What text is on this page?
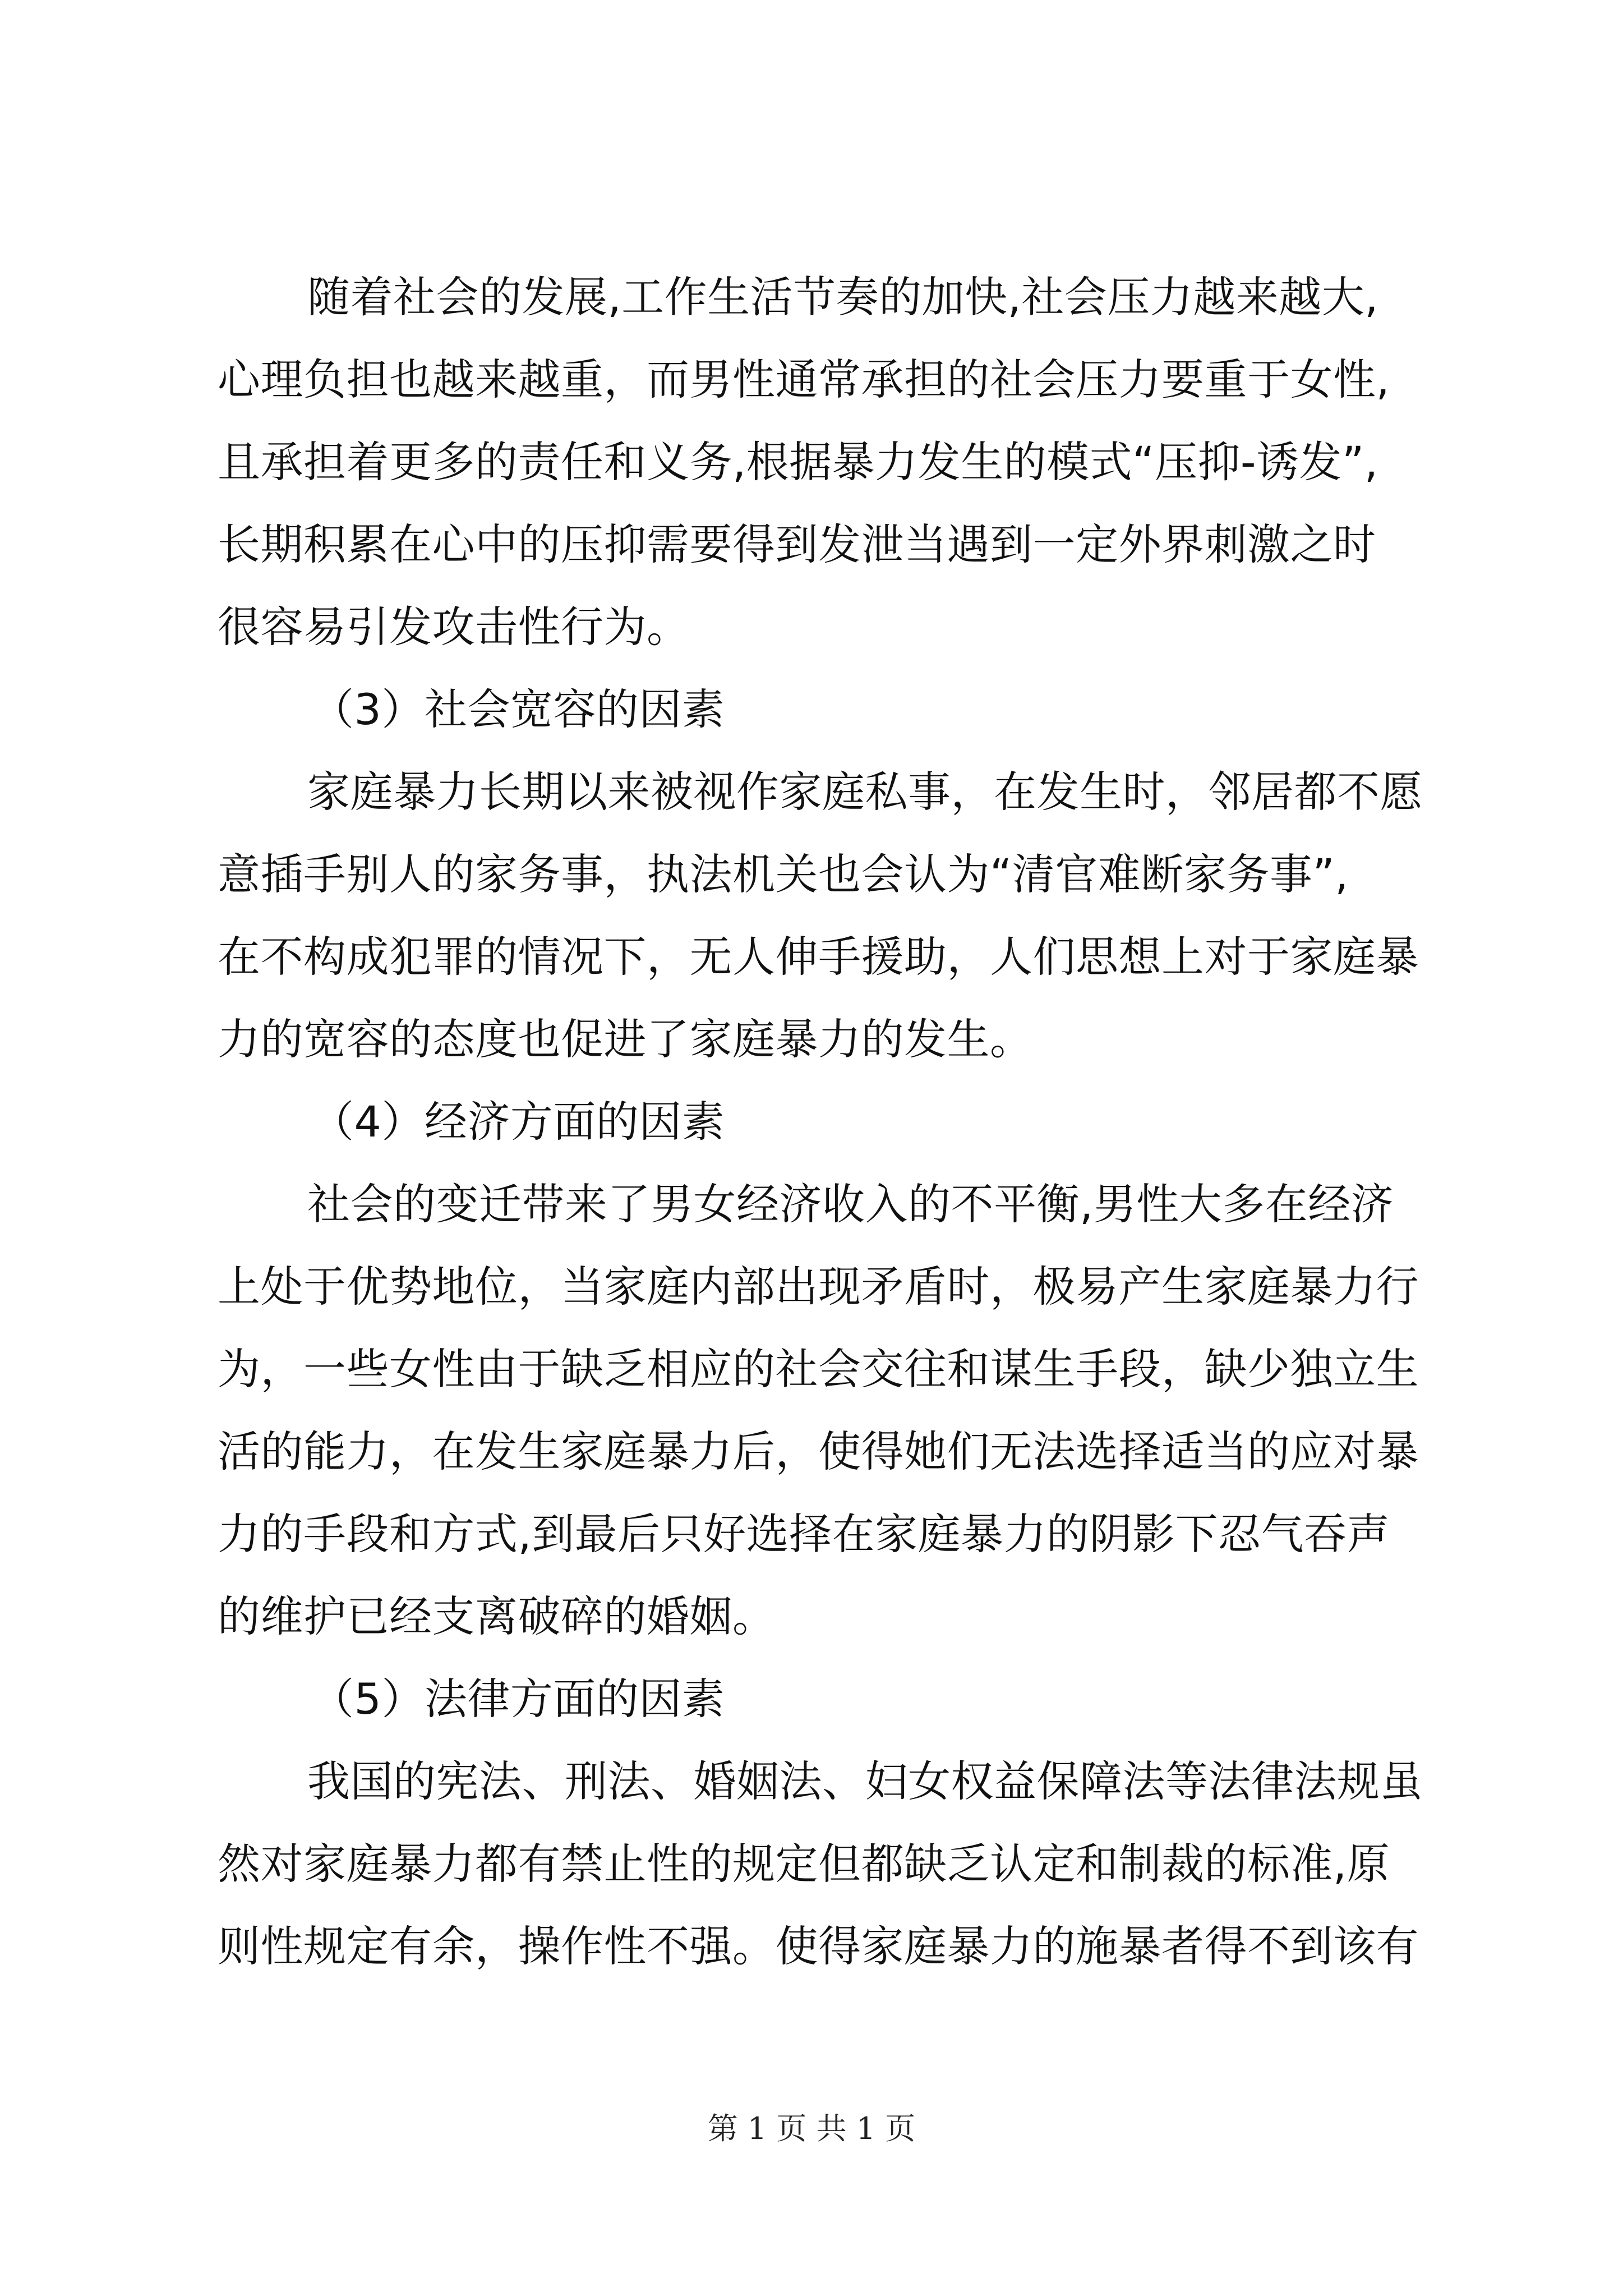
随着社会的发展,工作生活节奏的加快,社会压力越来越大,
心理负担也越来越重，而男性通常承担的社会压力要重于女性,
且承担着更多的责任和义务,根据暴力发生的模式“压抑-诱发”,
长期积累在心中的压抑需要得到发泄当遇到一定外界刺激之时
很容易引发攻击性行为。
（3）社会宽容的因素
家庭暴力长期以来被视作家庭私事，在发生时，邻居都不愿
意插手别人的家务事，执法机关也会认为“清官难断家务事”,
在不构成犯罪的情况下，无人伸手援助，人们思想上对于家庭暴
力的宽容的态度也促进了家庭暴力的发生。
（4）经济方面的因素
社会的变迁带来了男女经济收入的不平衡,男性大多在经济
上处于优势地位，当家庭内部出现矛盾时，极易产生家庭暴力行
为，一些女性由于缺乏相应的社会交往和谋生手段，缺少独立生
活的能力，在发生家庭暴力后，使得她们无法选择适当的应对暴
力的手段和方式,到最后只好选择在家庭暴力的阴影下忍气吞声
的维护已经支离破碎的婚姻。
（5）法律方面的因素
我国的宪法、刑法、婚姻法、妇女权益保障法等法律法规虽
然对家庭暴力都有禁止性的规定但都缺乏认定和制裁的标准,原
则性规定有余，操作性不强。使得家庭暴力的施暴者得不到该有
第 1 页 共 1 页
